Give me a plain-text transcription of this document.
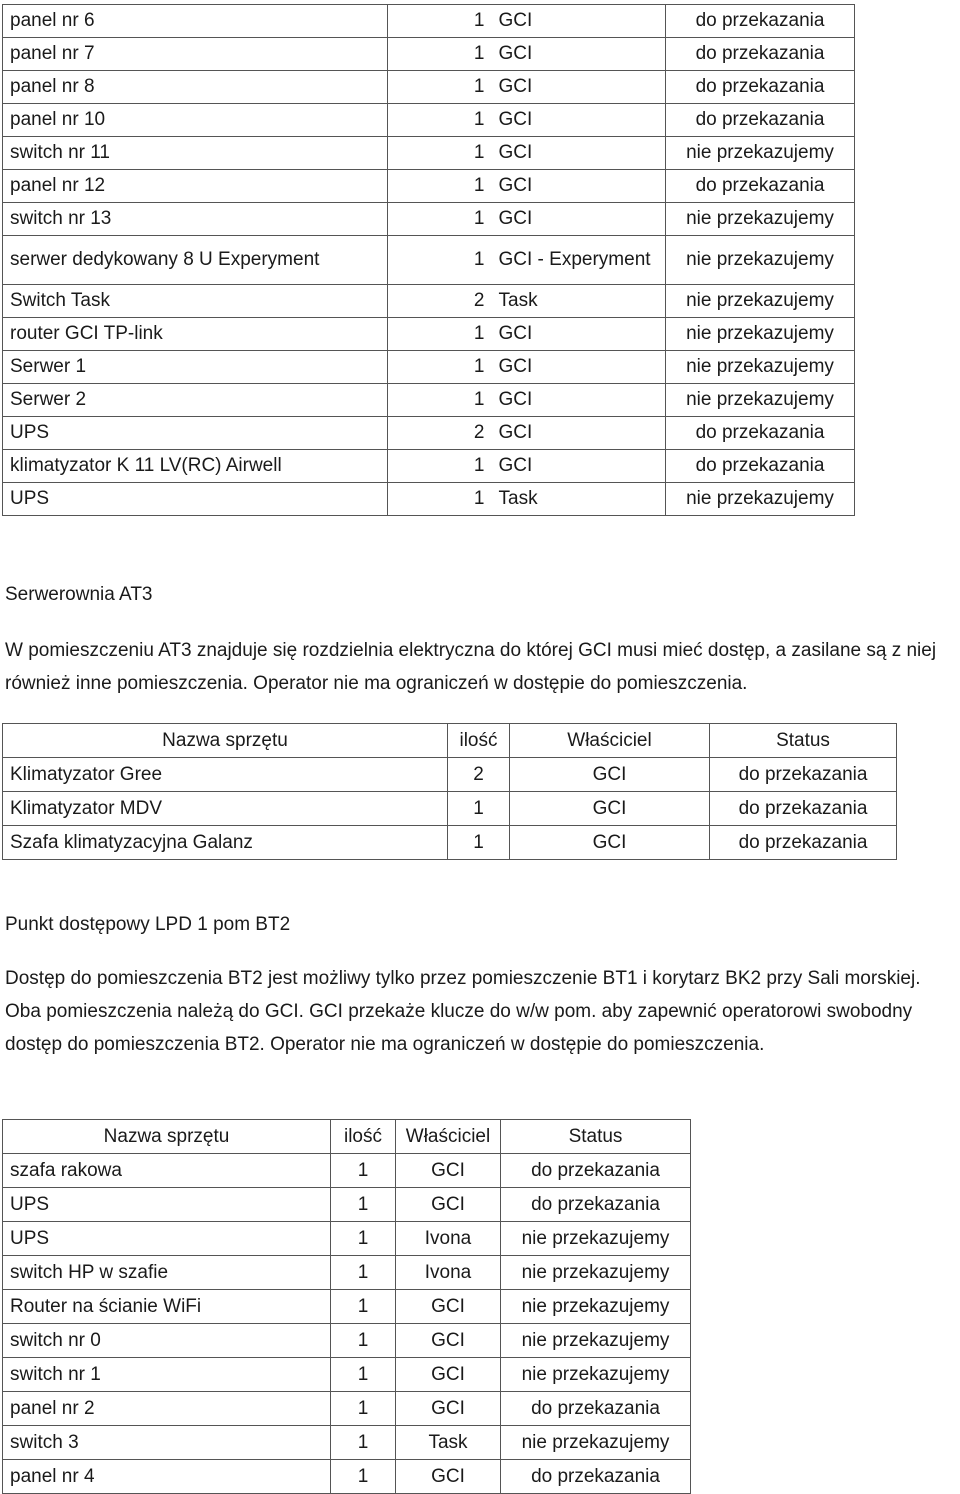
panel nr 6	1	GCI	do przekazania
panel nr 7	1	GCI	do przekazania
panel nr 8	1	GCI	do przekazania
panel nr 10	1	GCI	do przekazania
switch nr 11	1	GCI	nie przekazujemy
panel nr 12	1	GCI	do przekazania
switch nr 13	1	GCI	nie przekazujemy
serwer dedykowany 8 U Experyment	1	GCI - Experyment	nie przekazujemy
Switch Task	2	Task	nie przekazujemy
router GCI TP-link	1	GCI	nie przekazujemy
Serwer 1	1	GCI	nie przekazujemy
Serwer 2	1	GCI	nie przekazujemy
UPS	2	GCI	do przekazania
klimatyzator K 11 LV(RC) Airwell	1	GCI	do przekazania
UPS	1	Task	nie przekazujemy

Serwerownia AT3

W pomieszczeniu AT3 znajduje się rozdzielnia elektryczna do której GCI musi mieć dostęp, a zasilane są z niej również inne pomieszczenia. Operator nie ma ograniczeń w dostępie do pomieszczenia.

Nazwa sprzętu	ilość	Właściciel	Status
Klimatyzator Gree	2	GCI	do przekazania
Klimatyzator MDV	1	GCI	do przekazania
Szafa klimatyzacyjna Galanz	1	GCI	do przekazania

Punkt dostępowy LPD 1 pom BT2

Dostęp do pomieszczenia BT2 jest możliwy tylko przez pomieszczenie BT1 i korytarz BK2 przy Sali morskiej. Oba pomieszczenia należą do GCI. GCI przekaże klucze do w/w pom. aby zapewnić operatorowi swobodny dostęp do pomieszczenia BT2. Operator nie ma ograniczeń w dostępie do pomieszczenia.

Nazwa sprzętu	ilość	Właściciel	Status
szafa rakowa	1	GCI	do przekazania
UPS	1	GCI	do przekazania
UPS	1	Ivona	nie przekazujemy
switch HP w szafie	1	Ivona	nie przekazujemy
Router na ścianie WiFi	1	GCI	nie przekazujemy
switch nr 0	1	GCI	nie przekazujemy
switch nr 1	1	GCI	nie przekazujemy
panel nr 2	1	GCI	do przekazania
switch 3	1	Task	nie przekazujemy
panel nr 4	1	GCI	do przekazania
